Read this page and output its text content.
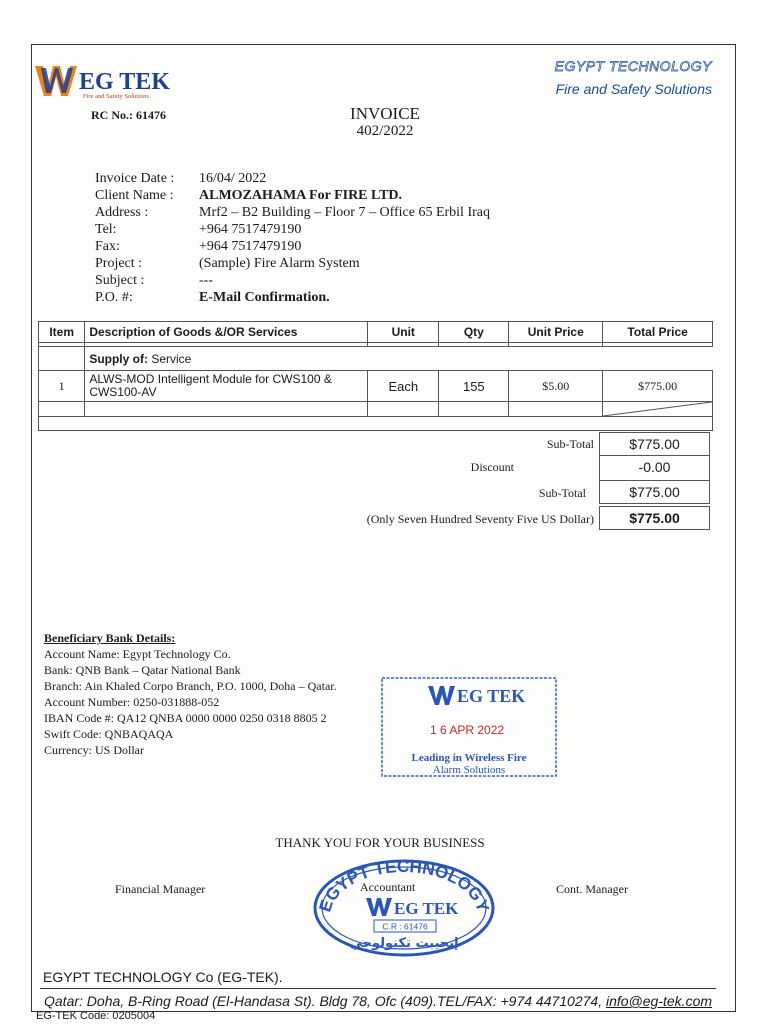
EG TEK
Fire and Safety Solutions
RC No.: 61476
EGYPT TECHNOLOGY
Fire and Safety Solutions
INVOICE
402/2022
Invoice Date : 16/04/ 2022
Client Name : ALMOZAHAMA For FIRE LTD.
Address :	Mrf2 – B2 Building – Floor 7 – Office 65 Erbil Iraq
Tel:	+964 7517479190
Fax:	+964 7517479190
Project :	(Sample) Fire Alarm System
Subject :	---
P.O. #:	E-Mail Confirmation.
Item	Description of Goods &/OR Services	Unit	Qty	Unit Price	Total Price

	Supply of: Service				
1	ALWS-MOD Intelligent Module for CWS100 & CWS100-AV	Each	155	$5.00	$775.00

Sub-Total	$775.00
Discount	-0.00
Sub-Total	$775.00
(Only Seven Hundred Seventy Five US Dollar)	$775.00
Beneficiary Bank Details:
Account Name: Egypt Technology Co.
Bank: QNB Bank – Qatar National Bank
Branch: Ain Khaled Corpo Branch, P.O. 1000, Doha – Qatar.
Account Number: 0250-031888-052
IBAN Code #: QA12 QNBA 0000 0000 0250 0318 8805 2
Swift Code: QNBAQAQA
Currency: US Dollar
EG TEK
1 6 APR 2022
Leading in Wireless Fire
Alarm Solutions
THANK YOU FOR YOUR BUSINESS
Financial Manager	Accountant	Cont. Manager
EGYPT TECHNOLOGY
EG TEK
C.R : 61476
إيجيبت تكنولوجي
EGYPT TECHNOLOGY Co (EG-TEK).
Qatar: Doha, B-Ring Road (El-Handasa St). Bldg 78, Ofc (409).TEL/FAX: +974 44710274, info@eg-tek.com
EG-TEK Code: 0205004
